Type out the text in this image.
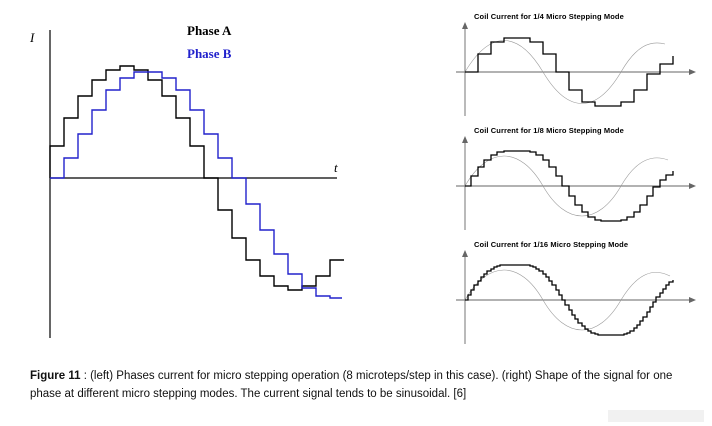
Phase A
Phase B
I
t
Coil Current for 1/4 Micro Stepping Mode
Coil Current for 1/8 Micro Stepping Mode
Coil Current for 1/16 Micro Stepping Mode
Figure 11 : (left) Phases current for micro stepping operation (8 microteps/step in this case). (right) Shape of the signal for one phase at different micro stepping modes. The current signal tends to be sinusoidal. [6]
